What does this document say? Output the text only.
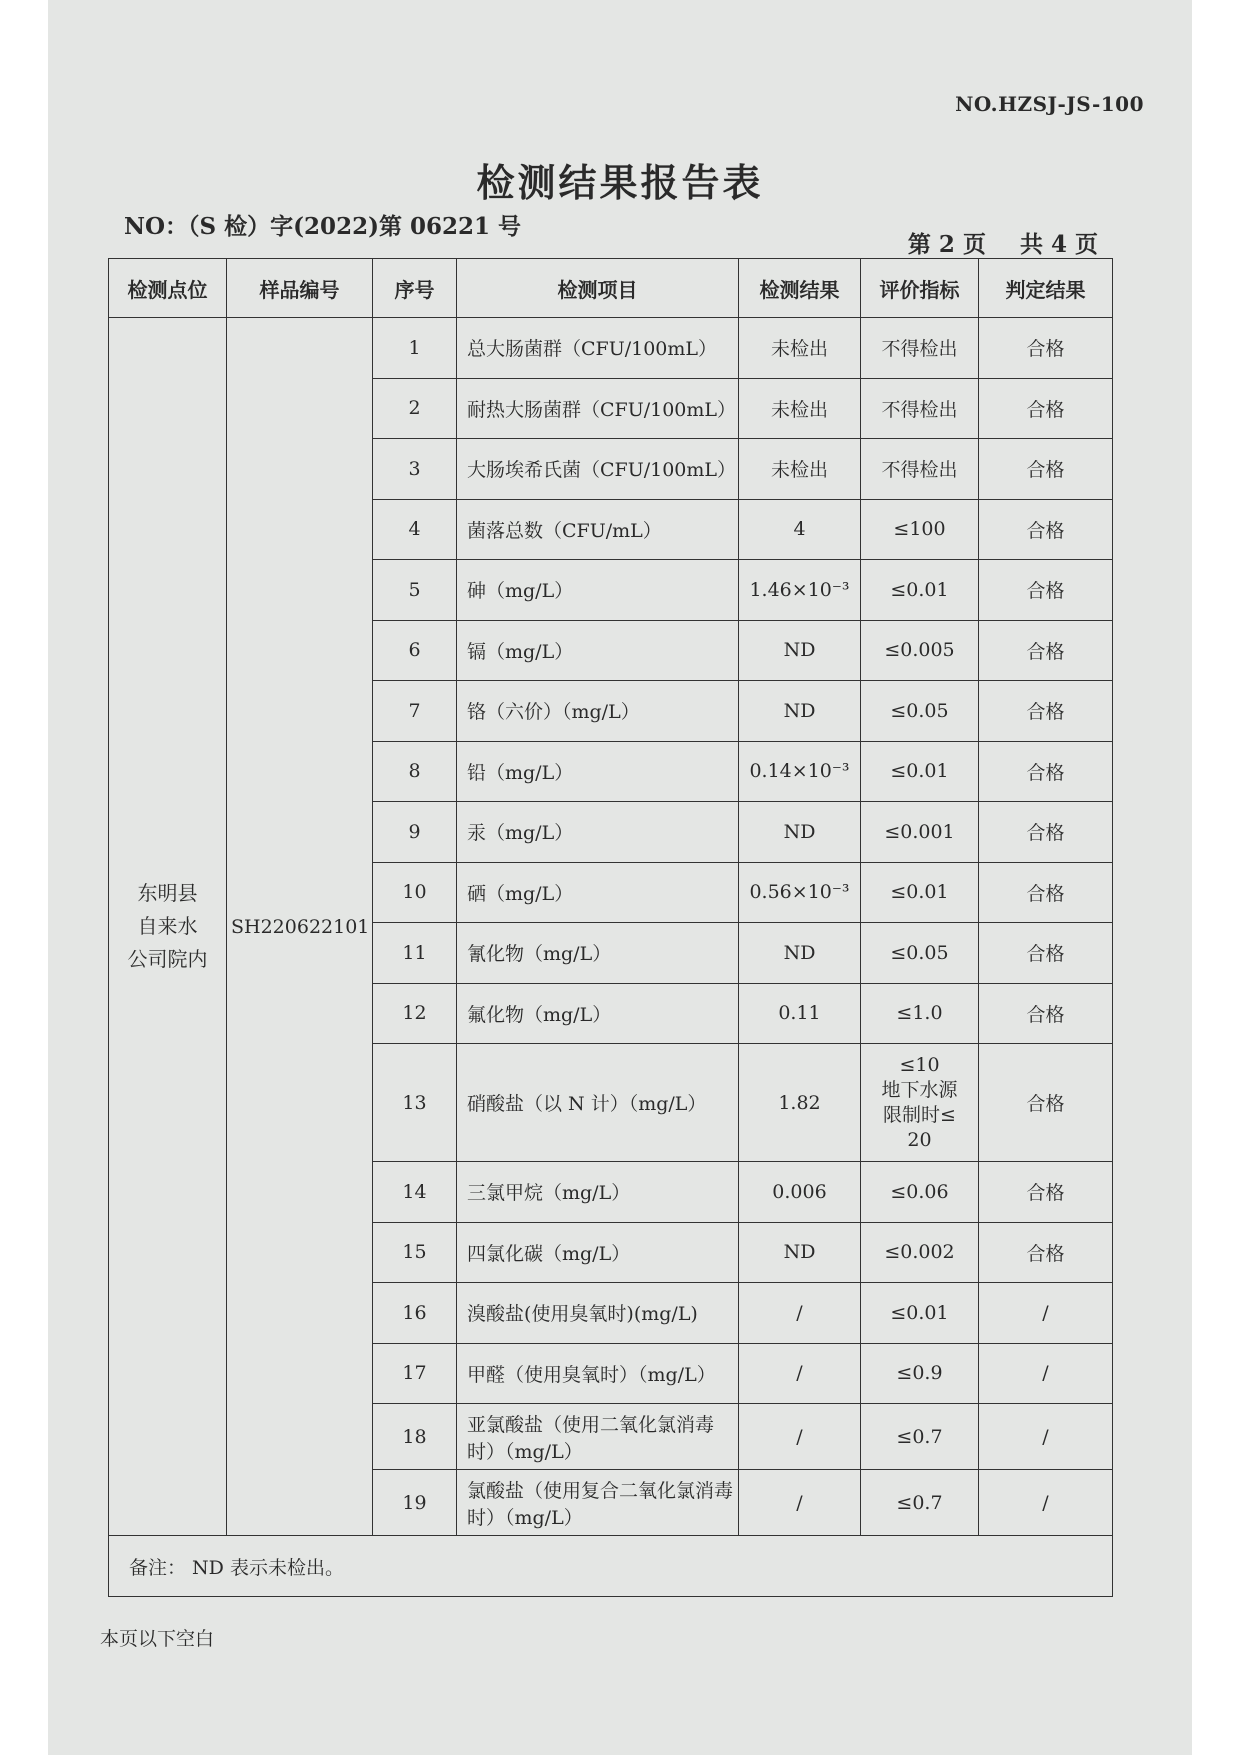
NO.HZSJ-JS-100
检测结果报告表
NO：（S 检）字(2022)第 06221 号
第 2 页 共 4 页
检测点位	样品编号	序号	检测项目	检测结果	评价指标	判定结果
东明县
自来水
公司院内	SH220622101	1	总大肠菌群（CFU/100mL）	未检出	不得检出	合格
		2	耐热大肠菌群（CFU/100mL）	未检出	不得检出	合格
		3	大肠埃希氏菌（CFU/100mL）	未检出	不得检出	合格
		4	菌落总数（CFU/mL）	4	≤100	合格
		5	砷（mg/L）	1.46×10⁻³	≤0.01	合格
		6	镉（mg/L）	ND	≤0.005	合格
		7	铬（六价）（mg/L）	ND	≤0.05	合格
		8	铅（mg/L）	0.14×10⁻³	≤0.01	合格
		9	汞（mg/L）	ND	≤0.001	合格
		10	硒（mg/L）	0.56×10⁻³	≤0.01	合格
		11	氰化物（mg/L）	ND	≤0.05	合格
		12	氟化物（mg/L）	0.11	≤1.0	合格
		13	硝酸盐（以 N 计）（mg/L）	1.82	≤10
地下水源
限制时≤
20	合格
		14	三氯甲烷（mg/L）	0.006	≤0.06	合格
		15	四氯化碳（mg/L）	ND	≤0.002	合格
		16	溴酸盐(使用臭氧时)(mg/L)	/	≤0.01	/
		17	甲醛（使用臭氧时）（mg/L）	/	≤0.9	/
		18	亚氯酸盐（使用二氧化氯消毒时）（mg/L）	/	≤0.7	/
		19	氯酸盐（使用复合二氧化氯消毒时）（mg/L）	/	≤0.7	/
备注： ND 表示未检出。						
本页以下空白
